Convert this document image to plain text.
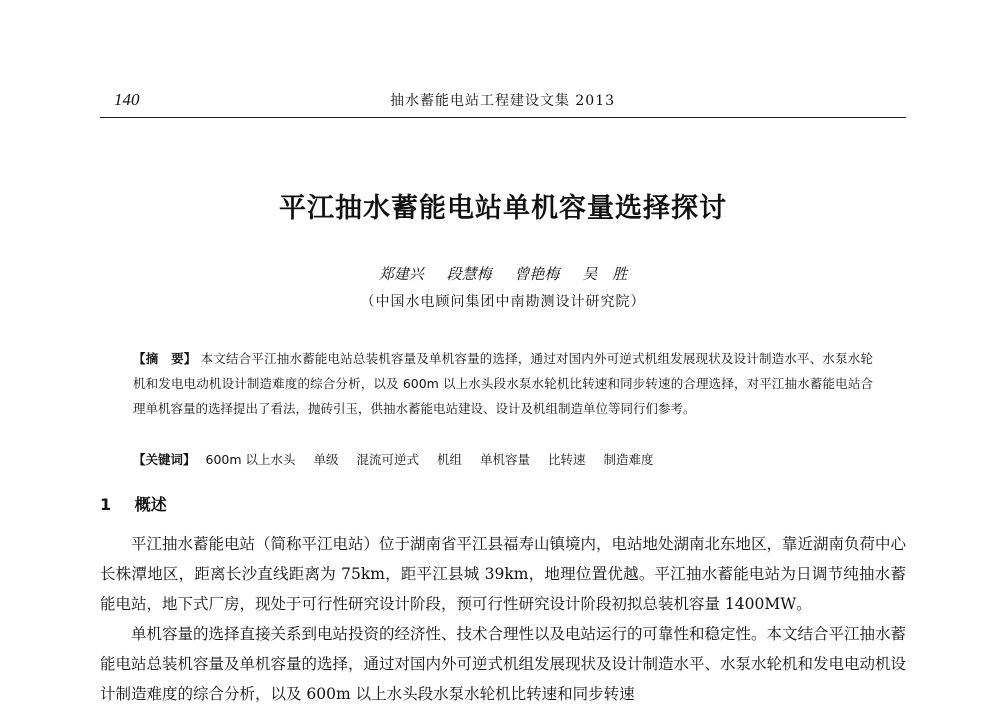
140	抽水蓄能电站工程建设文集 2013
平江抽水蓄能电站单机容量选择探讨
郑建兴 段慧梅 曾艳梅 吴　胜
（中国水电顾问集团中南勘测设计研究院）
【摘　要】 本文结合平江抽水蓄能电站总装机容量及单机容量的选择，通过对国内外可逆式机组发展现状及设计制造水平、水泵水轮机和发电电动机设计制造难度的综合分析，以及 600m 以上水头段水泵水轮机比转速和同步转速的合理选择，对平江抽水蓄能电站合理单机容量的选择提出了看法，抛砖引玉，供抽水蓄能电站建设、设计及机组制造单位等同行们参考。
【关键词】 600m 以上水头 单级 混流可逆式 机组 单机容量 比转速 制造难度
1 概述

平江抽水蓄能电站（简称平江电站）位于湖南省平江县福寿山镇境内，电站地处湖南北东地区，靠近湖南负荷中心长株潭地区，距离长沙直线距离为 75km，距平江县城 39km，地理位置优越。平江抽水蓄能电站为日调节纯抽水蓄能电站，地下式厂房，现处于可行性研究设计阶段，预可行性研究设计阶段初拟总装机容量 1400MW。

单机容量的选择直接关系到电站投资的经济性、技术合理性以及电站运行的可靠性和稳定性。本文结合平江抽水蓄能电站总装机容量及单机容量的选择，通过对国内外可逆式机组发展现状及设计制造水平、水泵水轮机和发电电动机设计制造难度的综合分析，以及 600m 以上水头段水泵水轮机比转速和同步转速
